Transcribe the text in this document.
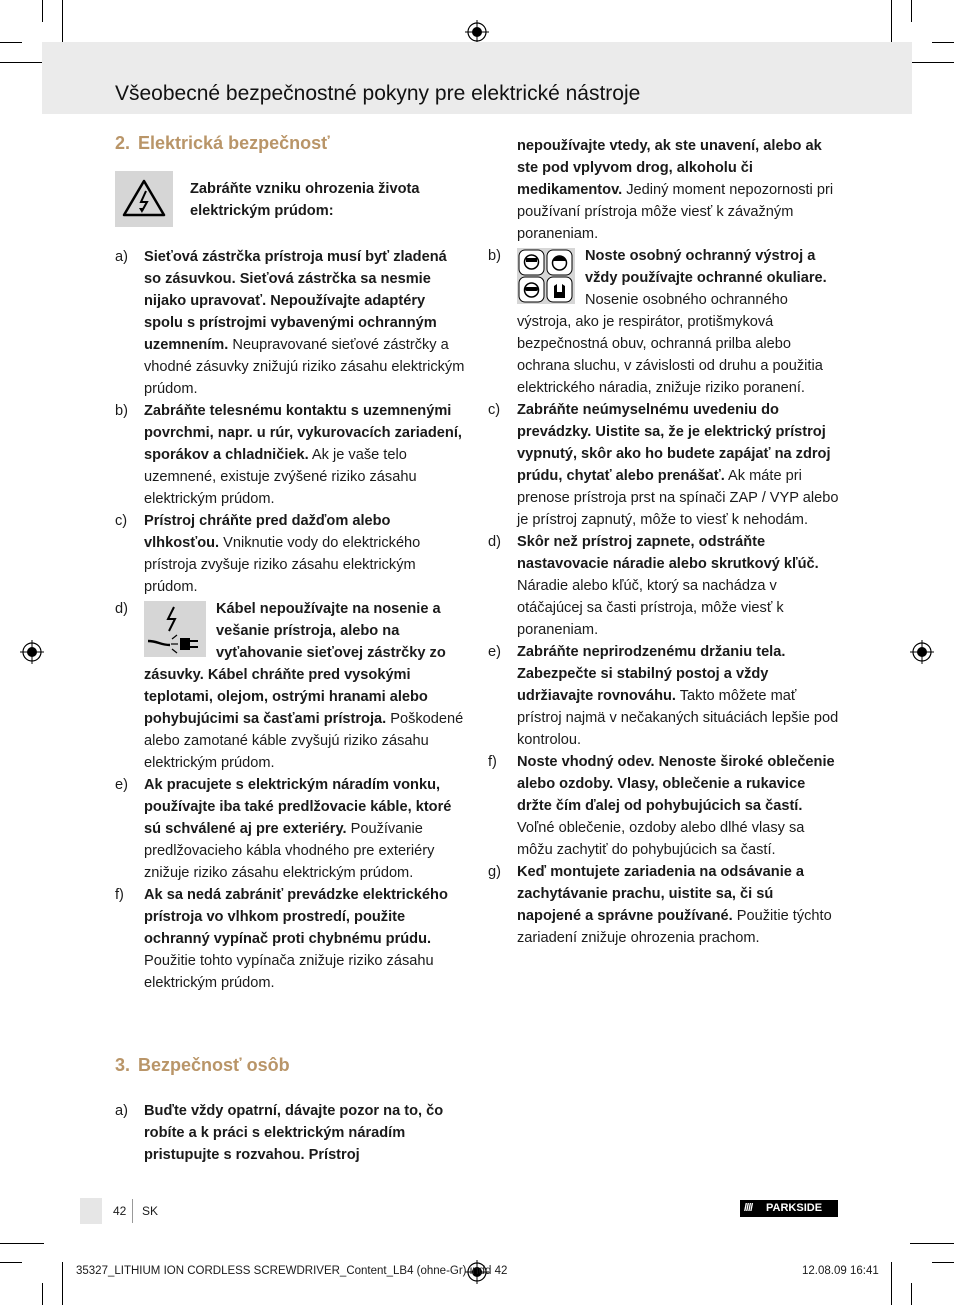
Všeobecné bezpečnostné pokyny pre elektrické nástroje
2. Elektrická bezpečnosť
Zabráňte vzniku ohrozenia života elektrickým prúdom:
a) Sieťová zástrčka prístroja musí byť zladená so zásuvkou. Sieťová zástrčka sa nesmie nijako upravovať. Nepoužívajte adaptéry spolu s prístrojmi vybavenými ochranným uzemnením. Neupravované sieťové zástrčky a vhodné zásuvky znižujú riziko zásahu elektrickým prúdom.
b) Zabráňte telesnému kontaktu s uzemnenými povrchmi, napr. u rúr, vykurovacích zariadení, sporákov a chladničiek. Ak je vaše telo uzemnené, existuje zvýšené riziko zásahu elektrickým prúdom.
c) Prístroj chráňte pred dažďom alebo vlhkosťou. Vniknutie vody do elektrického prístroja zvyšuje riziko zásahu elektrickým prúdom.
d)	Kábel nepoužívajte na nosenie a vešanie prístroja, alebo na vyťahovanie sieťovej zástrčky zo zásuvky. Kábel chráňte pred vysokými teplotami, olejom, ostrými hranami alebo pohybujúcimi sa časťami prístroja. Poškodené alebo zamotané káble zvyšujú riziko zásahu elektrickým prúdom.
e) Ak pracujete s elektrickým náradím vonku, používajte iba také predlžovacie káble, ktoré sú schválené aj pre exteriéry. Používanie predlžovacieho kábla vhodného pre exteriéry znižuje riziko zásahu elektrickým prúdom.
f) Ak sa nedá zabrániť prevádzke elektrického prístroja vo vlhkom prostredí, použite ochranný vypínač proti chybnému prúdu. Použitie tohto vypínača znižuje riziko zásahu elektrickým prúdom.
3. Bezpečnosť osôb
a) Buďte vždy opatrní, dávajte pozor na to, čo robíte a k práci s elektrickým náradím pristupujte s rozvahou. Prístroj
nepoužívajte vtedy, ak ste unavení, alebo ak ste pod vplyvom drog, alkoholu či medikamentov. Jediný moment nepozornosti pri používaní prístroja môže viesť k závažným poraneniam.
b)	Noste osobný ochranný výstroj a vždy používajte ochranné okuliare. Nosenie osobného ochranného výstroja, ako je respirátor, protišmyková bezpečnostná obuv, ochranná prilba alebo ochrana sluchu, v závislosti od druhu a použitia elektrického náradia, znižuje riziko poranení.
c) Zabráňte neúmyselnému uvedeniu do prevádzky. Uistite sa, že je elektrický prístroj vypnutý, skôr ako ho budete zapájať na zdroj prúdu, chytať alebo prenášať. Ak máte pri prenose prístroja prst na spínači ZAP / VYP alebo je prístroj zapnutý, môže to viesť k nehodám.
d) Skôr než prístroj zapnete, odstráňte nastavovacie náradie alebo skrutkový kľúč. Náradie alebo kľúč, ktorý sa nachádza v otáčajúcej sa časti prístroja, môže viesť k poraneniam.
e) Zabráňte neprirodzenému držaniu tela. Zabezpečte si stabilný postoj a vždy udržiavajte rovnováhu. Takto môžete mať prístroj najmä v nečakaných situáciách lepšie pod kontrolou.
f) Noste vhodný odev. Nenoste široké oblečenie alebo ozdoby. Vlasy, oblečenie a rukavice držte čím ďalej od pohybujúcich sa častí. Voľné oblečenie, ozdoby alebo dlhé vlasy sa môžu zachytiť do pohybujúcich sa častí.
g) Keď montujete zariadenia na odsávanie a zachytávanie prachu, uistite sa, či sú napojené a správne používané. Použitie týchto zariadení znižuje ohrozenia prachom.
42 SK	//// PARKSIDE
35327_LITHIUM ION CORDLESS SCREWDRIVER_Content_LB4 (ohne-Gr).indd 42	12.08.09 16:41
